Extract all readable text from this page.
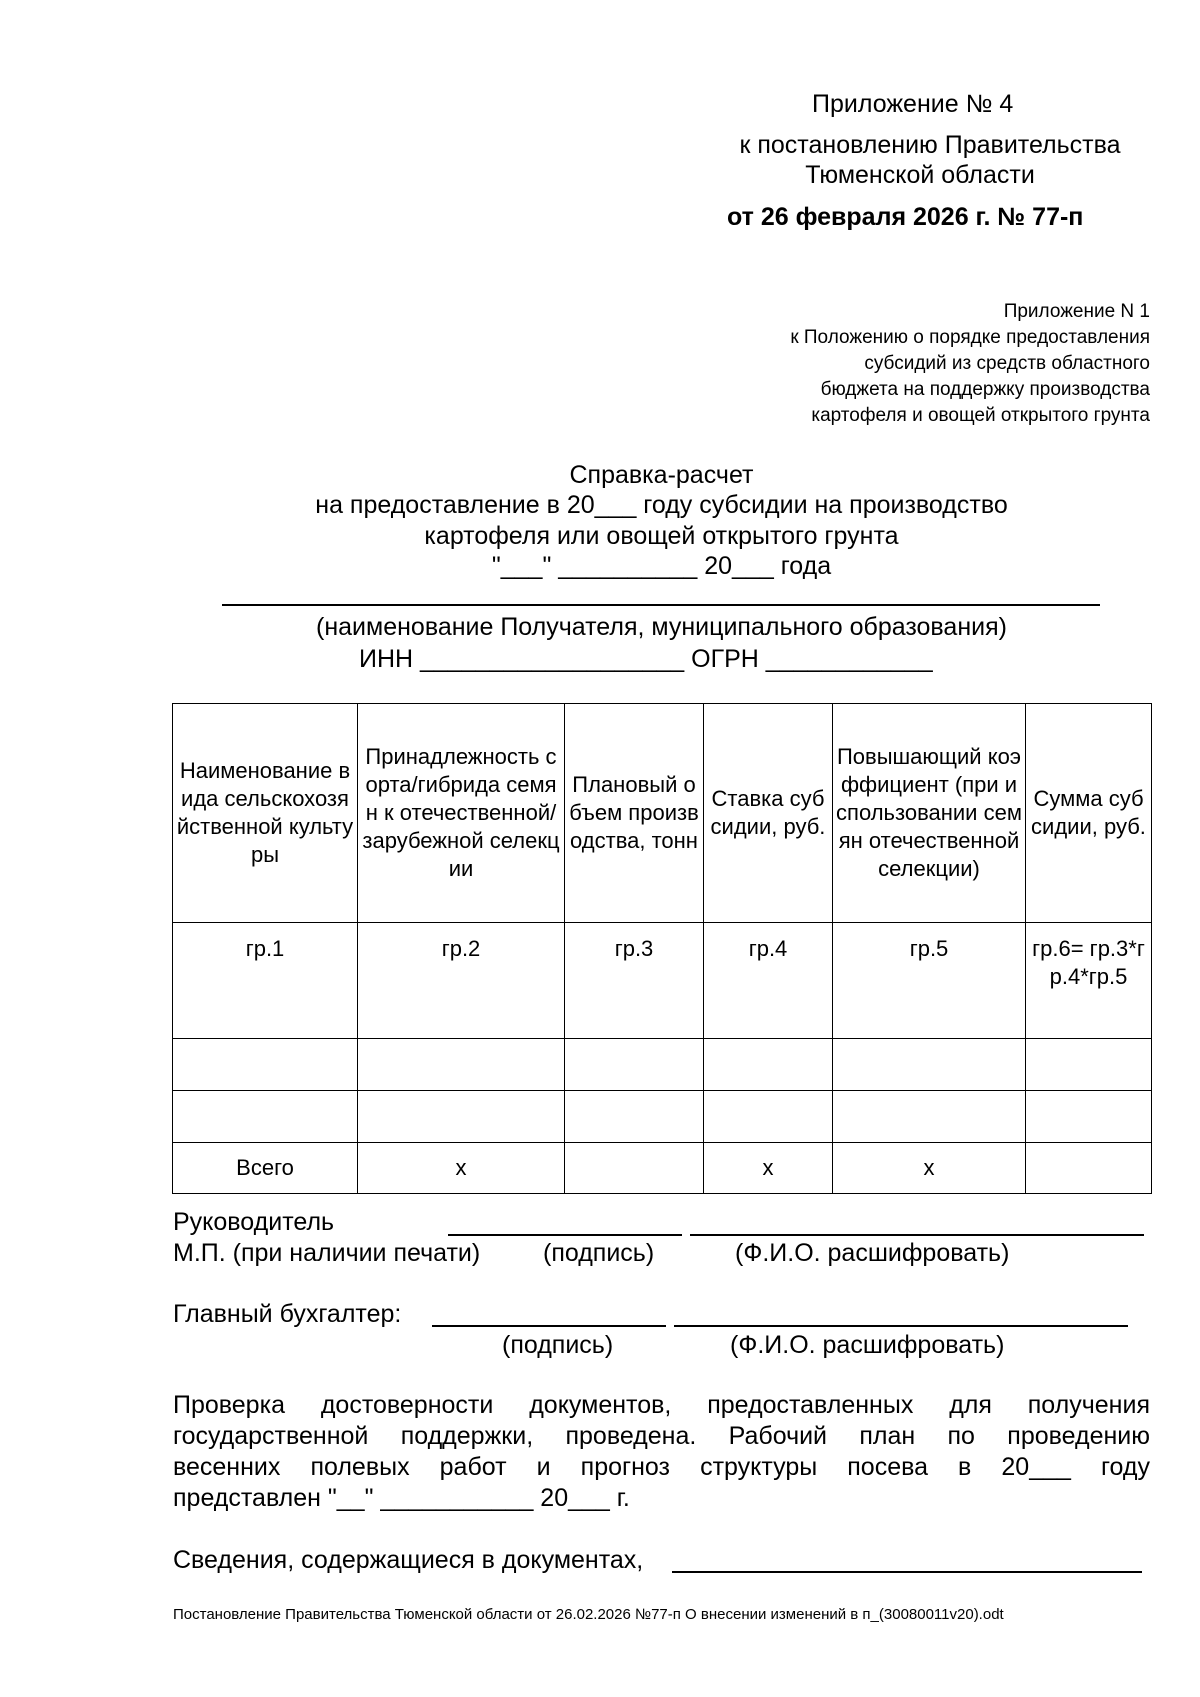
Приложение № 4
к постановлению Правительства
Тюменской области
от 26 февраля 2026 г. № 77-п
Приложение N 1
к Положению о порядке предоставления
субсидий из средств областного
бюджета на поддержку производства
картофеля и овощей открытого грунта
Справка-расчет
на предоставление в 20___ году субсидии на производство
картофеля или овощей открытого грунта
"___" __________ 20___ года
(наименование Получателя, муниципального образования)
ИНН ___________________ ОГРН ____________
Наименование вида сельскохозяйственной культуры	Принадлежность сорта/гибрида семян к отечественной/ зарубежной селекции	Плановый объем производства, тонн	Ставка субсидии, руб.	Повышающий коэффициент (при использовании семян отечественной селекции)	Сумма субсидии, руб.
гр.1	гр.2	гр.3	гр.4	гр.5	гр.6= гр.3*гр.4*гр.5

Всего	x		x	x	
Руководитель
М.П. (при наличии печати)	(подпись)	(Ф.И.О. расшифровать)
Главный бухгалтер:
(подпись)	(Ф.И.О. расшифровать)
Проверка достоверности документов, предоставленных для получения
государственной поддержки, проведена. Рабочий план по проведению
весенних полевых работ и прогноз структуры посева в 20___ году
представлен "__" ___________ 20___ г.
Сведения, содержащиеся в документах,
Постановление Правительства Тюменской области от 26.02.2026 №77-п О внесении изменений в п_(30080011v20).odt
